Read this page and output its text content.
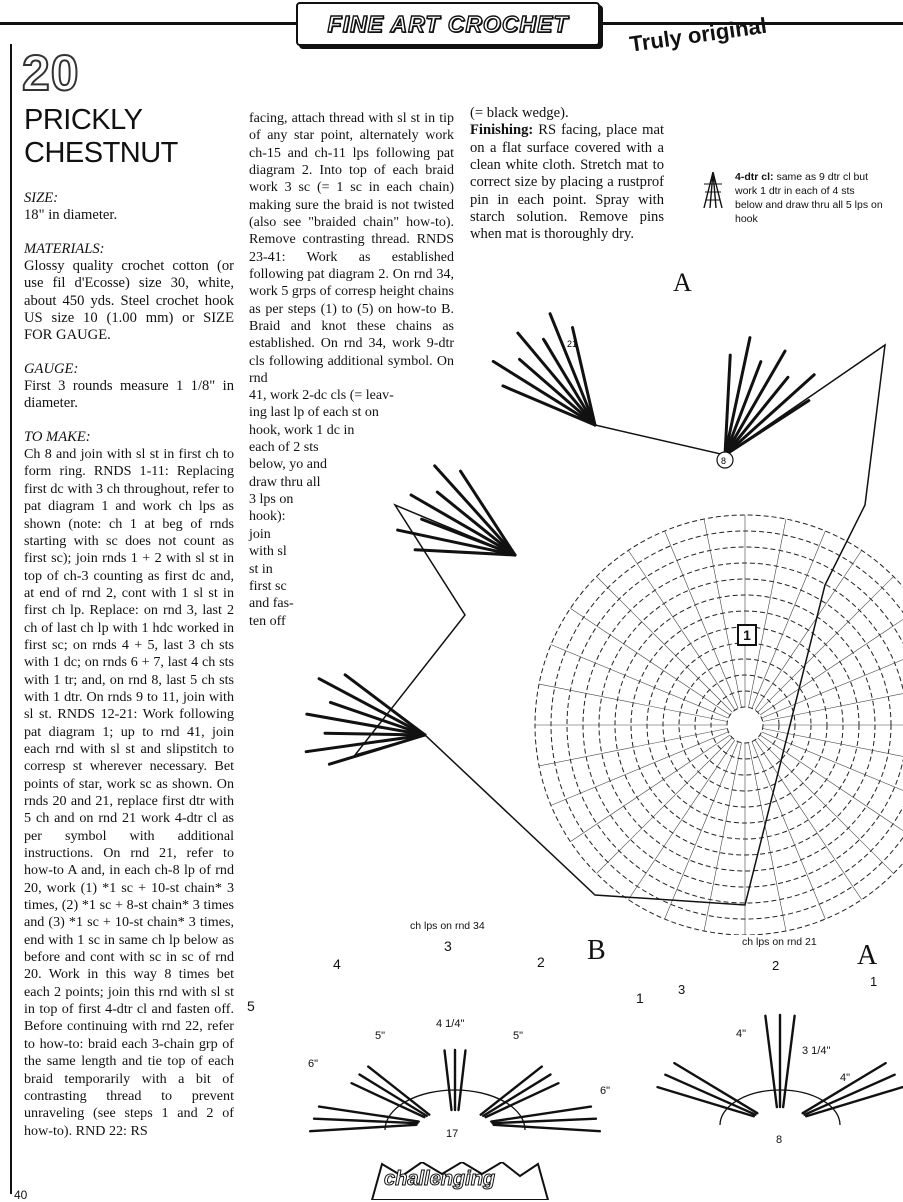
FINE ART CROCHET	Truly original
20
PRICKLY
CHESTNUT
SIZE:
18" in diameter.
MATERIALS:
Glossy quality crochet cotton (or use fil d'Ecosse) size 30, white, about 450 yds. Steel crochet hook US size 10 (1.00 mm) or SIZE FOR GAUGE.
GAUGE:
First 3 rounds measure 1 1/8" in diameter.
TO MAKE:
Ch 8 and join with sl st in first ch to form ring. RNDS 1-11: Replacing first dc with 3 ch throughout, refer to pat diagram 1 and work ch lps as shown (note: ch 1 at beg of rnds starting with sc does not count as first sc); join rnds 1 + 2 with sl st in top of ch-3 counting as first dc and, at end of rnd 2, cont with 1 sl st in first ch lp. Replace: on rnd 3, last 2 ch of last ch lp with 1 hdc worked in first sc; on rnds 4 + 5, last 3 ch sts with 1 dc; on rnds 6 + 7, last 4 ch sts with 1 tr; and, on rnd 8, last 5 ch sts with 1 dtr. On rnds 9 to 11, join with sl st. RNDS 12-21: Work following pat diagram 1; up to rnd 41, join each rnd with sl st and slipstitch to corresp st wherever necessary. Bet points of star, work sc as shown. On rnds 20 and 21, replace first dtr with 5 ch and on rnd 21 work 4-dtr cl as per symbol with additional instructions. On rnd 21, refer to how-to A and, in each ch-8 lp of rnd 20, work (1) *1 sc + 10-st chain* 3 times, (2) *1 sc + 8-st chain* 3 times and (3) *1 sc + 10-st chain* 3 times, end with 1 sc in same ch lp below as before and cont with sc in sc of rnd 20. Work in this way 8 times bet each 2 points; join this rnd with sl st in top of first 4-dtr cl and fasten off. Before continuing with rnd 22, refer to how-to: braid each 3-chain grp of the same length and tie top of each braid temporarily with a bit of contrasting thread to prevent unraveling (see steps 1 and 2 of how-to). RND 22: RS
facing, attach thread with sl st in tip of any star point, alternately work ch-15 and ch-11 lps following pat diagram 2. Into top of each braid work 3 sc (= 1 sc in each chain) making sure the braid is not twisted (also see "braided chain" how-to). Remove contrasting thread. RNDS 23-41: Work as established following pat diagram 2. On rnd 34, work 5 grps of corresp height chains as per steps (1) to (5) on how-to B. Braid and knot these chains as established. On rnd 34, work 9-dtr cls following additional symbol. On rnd
41, work 2-dc cls (= leav-
ing last lp of each st on
hook, work 1 dc in
each of 2 sts
below, yo and
draw thru all
3 lps on
hook):
join
with sl
st in
first sc
and fas-
ten off
(= black wedge).
Finishing: RS facing, place mat on a flat surface covered with a clean white cloth. Stretch mat to correct size by placing a rustprof pin in each point. Spray with starch solution. Remove pins when mat is thoroughly dry.
4-dtr cl: same as 9 dtr cl but work 1 dtr in each of 4 sts below and draw thru all 5 lps on hook
8
21
A
1
ch lps on rnd 34
ch lps on rnd 21
B	A
1
2
3
4
5
6"
5"
4 1/4"
5"
6"
17
1
2
3
3 1/4"
4"
4"
8
challenging
40
